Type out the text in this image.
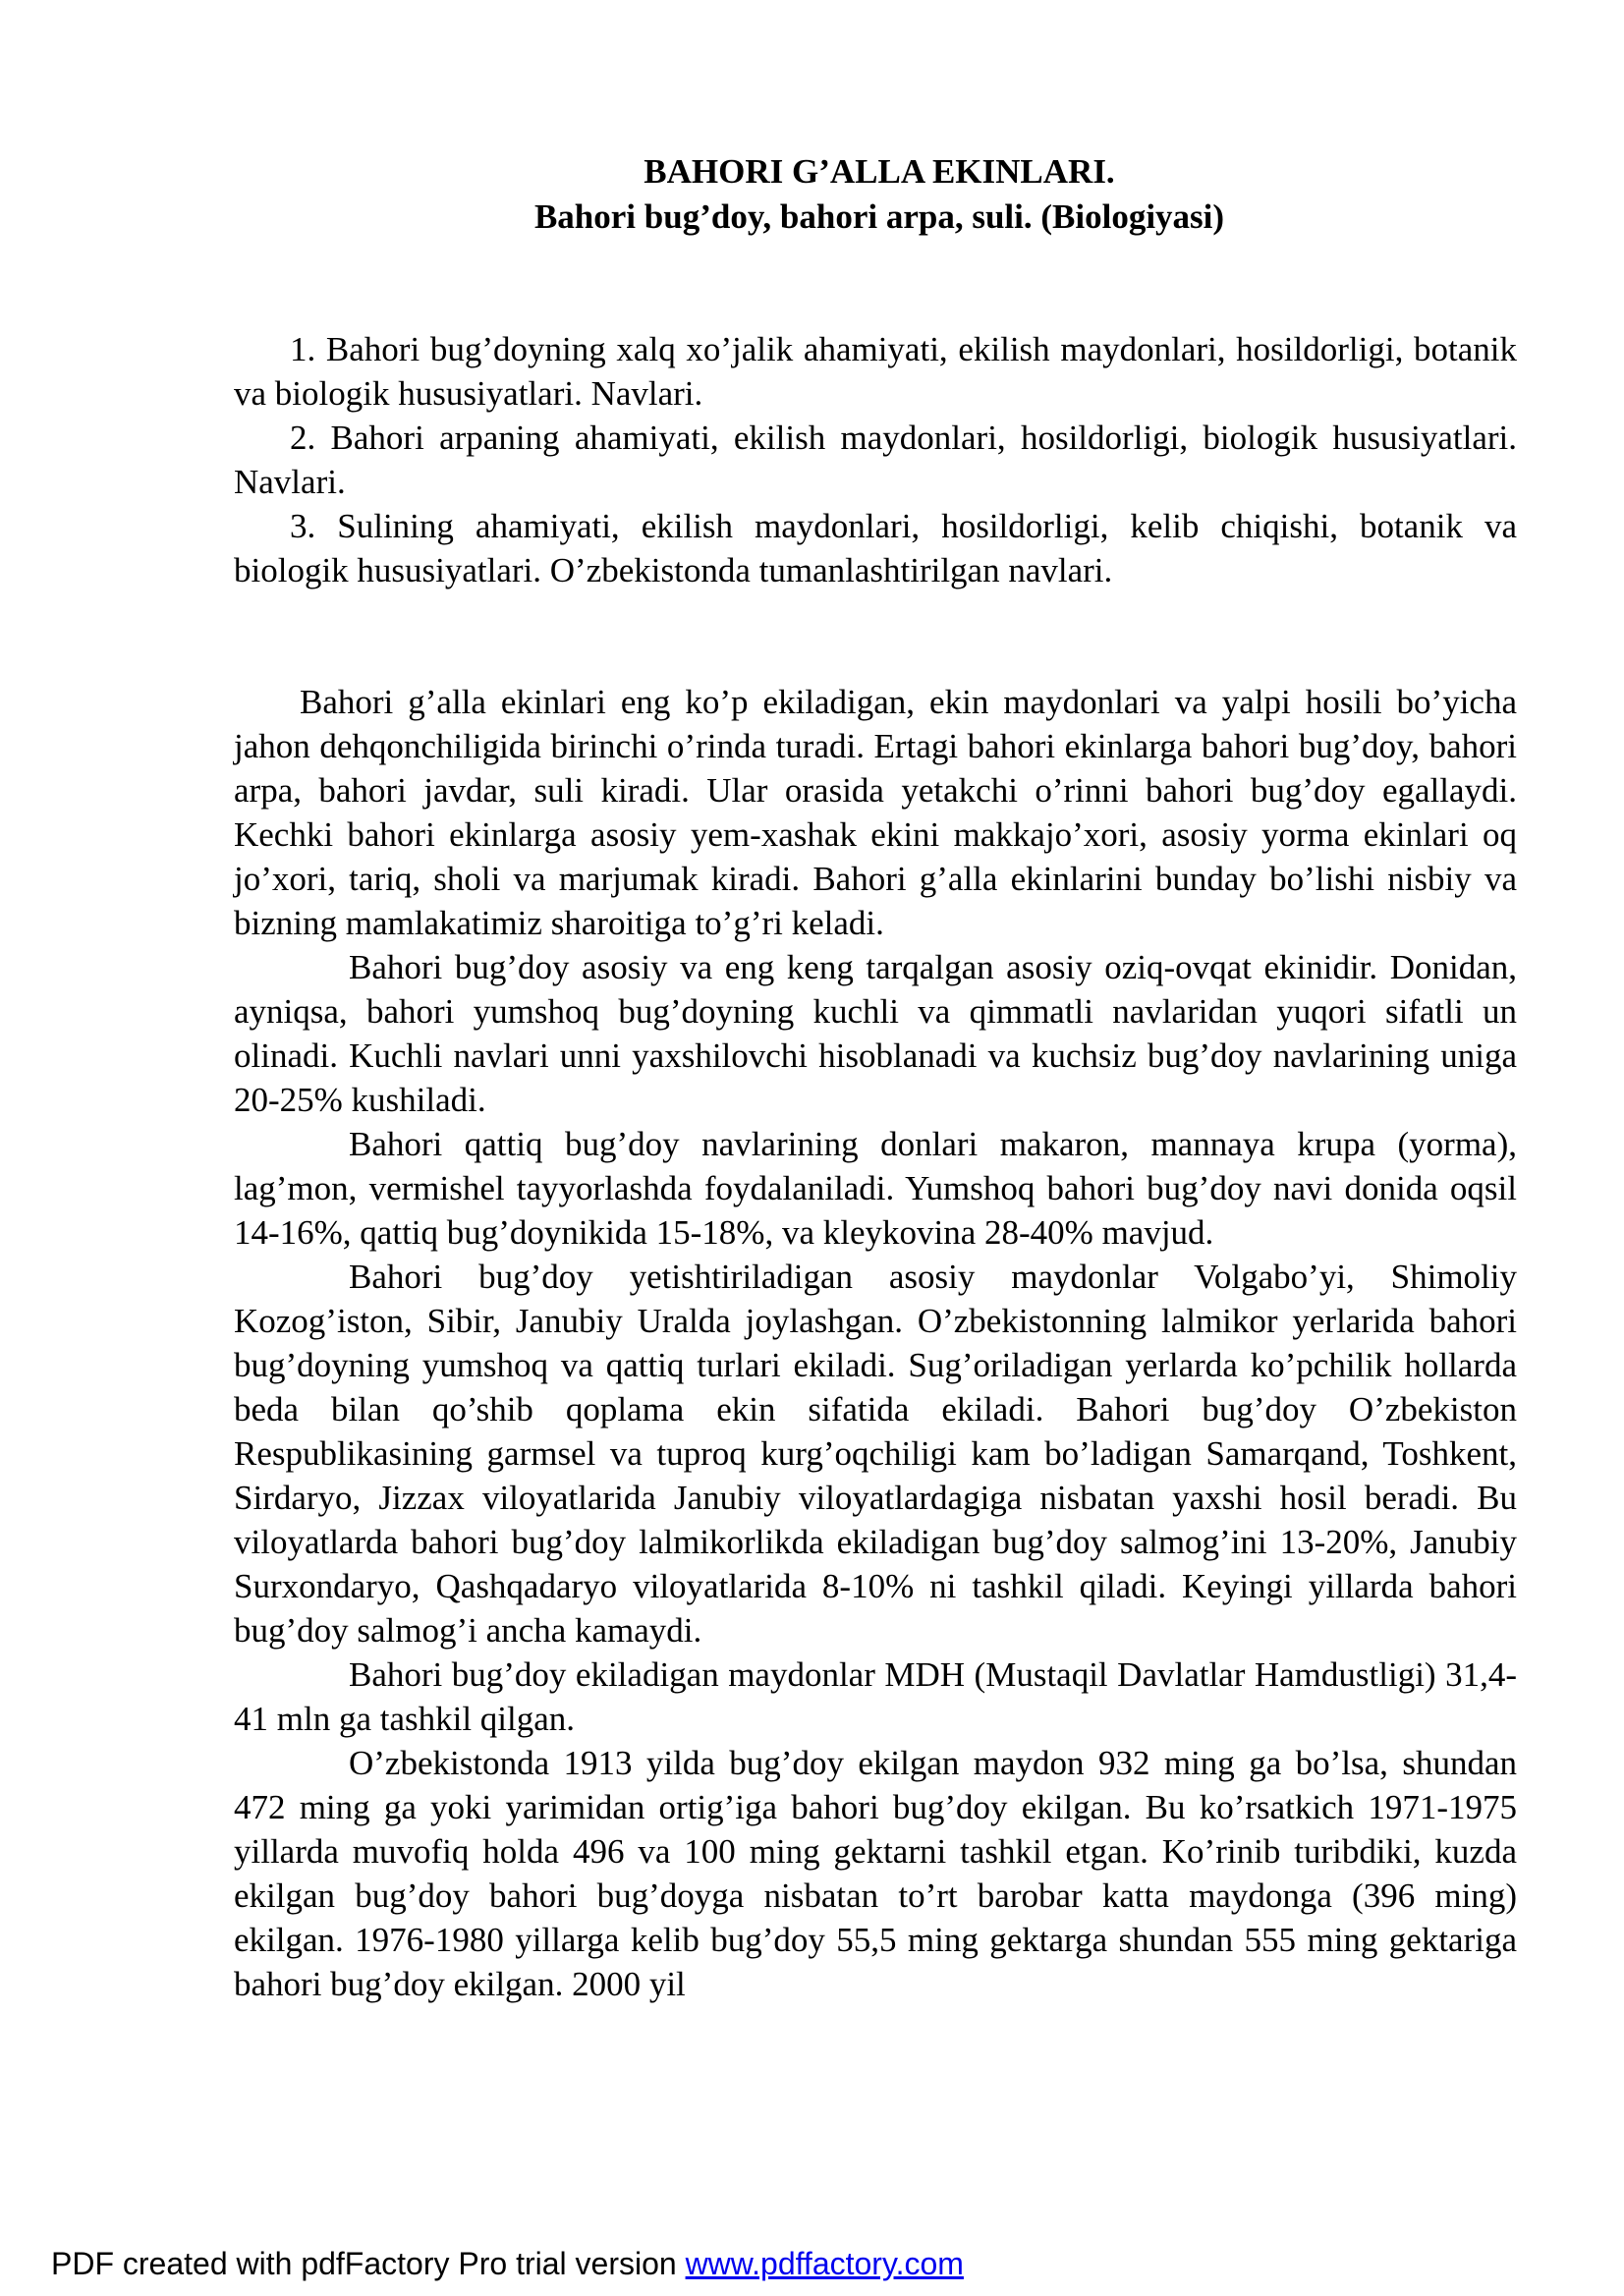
BAHORI G’ALLA EKINLARI.
Bahori bug’doy, bahori arpa, suli. (Biologiyasi)

1. Bahori bug’doyning xalq xo’jalik ahamiyati, ekilish maydonlari, hosildorligi, botanik va biologik hususiyatlari. Navlari.

2. Bahori arpaning ahamiyati, ekilish maydonlari, hosildorligi, biologik hususiyatlari. Navlari.

3. Sulining ahamiyati, ekilish maydonlari, hosildorligi, kelib chiqishi, botanik va biologik hususiyatlari. O’zbekistonda tumanlashtirilgan navlari.

Bahori g’alla ekinlari eng ko’p ekiladigan, ekin maydonlari va yalpi hosili bo’yicha jahon dehqonchiligida birinchi o’rinda turadi. Ertagi bahori ekinlarga bahori bug’doy, bahori arpa, bahori javdar, suli kiradi. Ular orasida yetakchi o’rinni bahori bug’doy egallaydi. Kechki bahori ekinlarga asosiy yem-xashak ekini makkajo’xori, asosiy yorma ekinlari oq jo’xori, tariq, sholi va marjumak kiradi. Bahori g’alla ekinlarini bunday bo’lishi nisbiy va bizning mamlakatimiz sharoitiga to’g’ri keladi.

Bahori bug’doy asosiy va eng keng tarqalgan asosiy oziq-ovqat ekinidir. Donidan, ayniqsa, bahori yumshoq bug’doyning kuchli va qimmatli navlaridan yuqori sifatli un olinadi. Kuchli navlari unni yaxshilovchi hisoblanadi va kuchsiz bug’doy navlarining uniga 20-25% kushiladi.

Bahori qattiq bug’doy navlarining donlari makaron, mannaya krupa (yorma), lag’mon, vermishel tayyorlashda foydalaniladi. Yumshoq bahori bug’doy navi donida oqsil 14-16%, qattiq bug’doynikida 15-18%, va kleykovina 28-40% mavjud.

Bahori bug’doy yetishtiriladigan asosiy maydonlar Volgabo’yi, Shimoliy Kozog’iston, Sibir, Janubiy Uralda joylashgan. O’zbekistonning lalmikor yerlarida bahori bug’doyning yumshoq va qattiq turlari ekiladi. Sug’oriladigan yerlarda ko’pchilik hollarda beda bilan qo’shib qoplama ekin sifatida ekiladi. Bahori bug’doy O’zbekiston Respublikasining garmsel va tuproq kurg’oqchiligi kam bo’ladigan Samarqand, Toshkent, Sirdaryo, Jizzax viloyatlarida Janubiy viloyatlardagiga nisbatan yaxshi hosil beradi. Bu viloyatlarda bahori bug’doy lalmikorlikda ekiladigan bug’doy salmog’ini 13-20%, Janubiy Surxondaryo, Qashqadaryo viloyatlarida 8-10% ni tashkil qiladi. Keyingi yillarda bahori bug’doy salmog’i ancha kamaydi.

Bahori bug’doy ekiladigan maydonlar MDH (Mustaqil Davlatlar Hamdustligi) 31,4-41 mln ga tashkil qilgan.

O’zbekistonda 1913 yilda bug’doy ekilgan maydon 932 ming ga bo’lsa, shundan 472 ming ga yoki yarimidan ortig’iga bahori bug’doy ekilgan. Bu ko’rsatkich 1971-1975 yillarda muvofiq holda 496 va 100 ming gektarni tashkil etgan. Ko’rinib turibdiki, kuzda ekilgan bug’doy bahori bug’doyga nisbatan to’rt barobar katta maydonga (396 ming) ekilgan. 1976-1980 yillarga kelib bug’doy 55,5 ming gektarga shundan 555 ming gektariga bahori bug’doy ekilgan. 2000 yil

PDF created with pdfFactory Pro trial version www.pdffactory.com
